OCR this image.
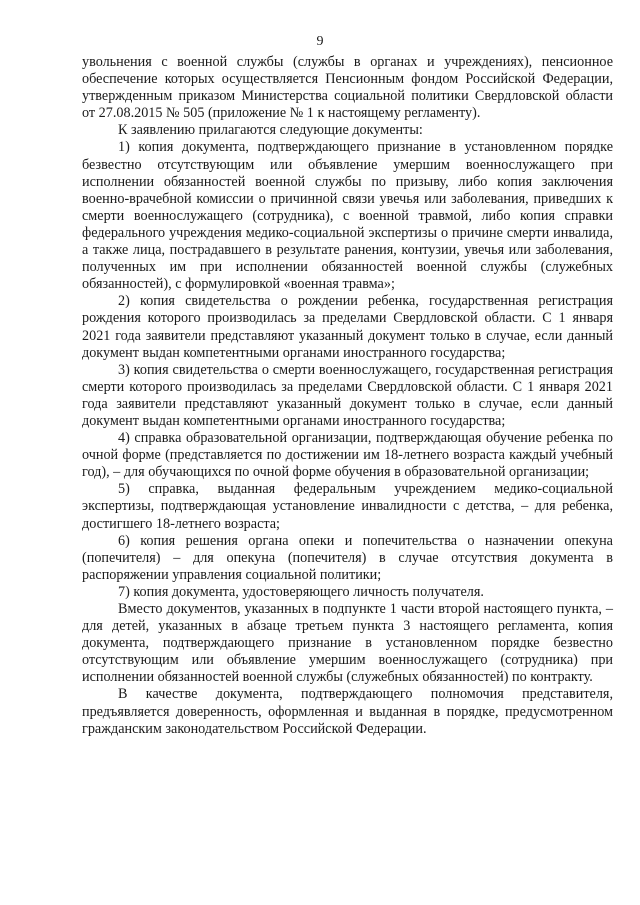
9

увольнения с военной службы (службы в органах и учреждениях), пенсионное обеспечение которых осуществляется Пенсионным фондом Российской Федерации, утвержденным приказом Министерства социальной политики Свердловской области от 27.08.2015 № 505 (приложение № 1 к настоящему регламенту).

К заявлению прилагаются следующие документы:

1) копия документа, подтверждающего признание в установленном порядке безвестно отсутствующим или объявление умершим военнослужащего при исполнении обязанностей военной службы по призыву, либо копия заключения военно-врачебной комиссии о причинной связи увечья или заболевания, приведших к смерти военнослужащего (сотрудника), с военной травмой, либо копия справки федерального учреждения медико-социальной экспертизы о причине смерти инвалида, а также лица, пострадавшего в результате ранения, контузии, увечья или заболевания, полученных им при исполнении обязанностей военной службы (служебных обязанностей), с формулировкой «военная травма»;

2) копия свидетельства о рождении ребенка, государственная регистрация рождения которого производилась за пределами Свердловской области. С 1 января 2021 года заявители представляют указанный документ только в случае, если данный документ выдан компетентными органами иностранного государства;

3) копия свидетельства о смерти военнослужащего, государственная регистрация смерти которого производилась за пределами Свердловской области. С 1 января 2021 года заявители представляют указанный документ только в случае, если данный документ выдан компетентными органами иностранного государства;

4) справка образовательной организации, подтверждающая обучение ребенка по очной форме (представляется по достижении им 18-летнего возраста каждый учебный год), – для обучающихся по очной форме обучения в образовательной организации;

5) справка, выданная федеральным учреждением медико-социальной экспертизы, подтверждающая установление инвалидности с детства, – для ребенка, достигшего 18-летнего возраста;

6) копия решения органа опеки и попечительства о назначении опекуна (попечителя) – для опекуна (попечителя) в случае отсутствия документа в распоряжении управления социальной политики;

7) копия документа, удостоверяющего личность получателя.

Вместо документов, указанных в подпункте 1 части второй настоящего пункта, – для детей, указанных в абзаце третьем пункта 3 настоящего регламента, копия документа, подтверждающего признание в установленном порядке безвестно отсутствующим или объявление умершим военнослужащего (сотрудника) при исполнении обязанностей военной службы (служебных обязанностей) по контракту.

В качестве документа, подтверждающего полномочия представителя, предъявляется доверенность, оформленная и выданная в порядке, предусмотренном гражданским законодательством Российской Федерации.
